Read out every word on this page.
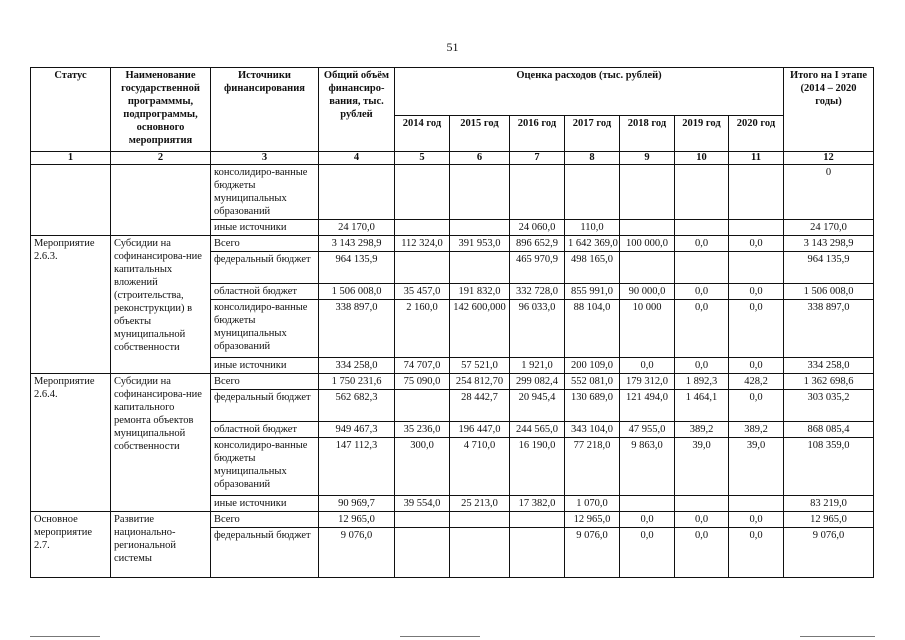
51
Статус	Наименование государственной программмы, подпрограммы, основного мероприятия	Источники финансирования	Общий объём финансиро-вания, тыс. рублей	Оценка расходов (тыс. рублей)							Итого на I этапе (2014 – 2020 годы)
				2014 год	2015 год	2016 год	2017 год	2018 год	2019 год	2020 год	
1	2	3	4	5	6	7	8	9	10	11	12
		консолидиро-ванные бюджеты муниципальных образований									0
		иные источники	24 170,0			24 060,0	110,0				24 170,0
Мероприятие 2.6.3.	Субсидии на софинансирова-ние капитальных вложений (строительства, реконструкции) в объекты муниципальной собственности	Всего	3 143 298,9	112 324,0	391 953,0	896 652,9	1 642 369,0	100 000,0	0,0	0,0	3 143 298,9
		федеральный бюджет	964 135,9			465 970,9	498 165,0				964 135,9
		областной бюджет	1 506 008,0	35 457,0	191 832,0	332 728,0	855 991,0	90 000,0	0,0	0,0	1 506 008,0
		консолидиро-ванные бюджеты муниципальных образований	338 897,0	2 160,0	142 600,000	96 033,0	88 104,0	10 000	0,0	0,0	338 897,0
		иные источники	334 258,0	74 707,0	57 521,0	1 921,0	200 109,0	0,0	0,0	0,0	334 258,0
Мероприятие 2.6.4.	Субсидии на софинансирова-ние капитального ремонта объектов муниципальной собственности	Всего	1 750 231,6	75 090,0	254 812,70	299 082,4	552 081,0	179 312,0	1 892,3	428,2	1 362 698,6
		федеральный бюджет	562 682,3		28 442,7	20 945,4	130 689,0	121 494,0	1 464,1	0,0	303 035,2
		областной бюджет	949 467,3	35 236,0	196 447,0	244 565,0	343 104,0	47 955,0	389,2	389,2	868 085,4
		консолидиро-ванные бюджеты муниципальных образований	147 112,3	300,0	4 710,0	16 190,0	77 218,0	9 863,0	39,0	39,0	108 359,0
		иные источники	90 969,7	39 554,0	25 213,0	17 382,0	1 070,0				83 219,0
Основное мероприятие 2.7.	Развитие национально-региональной системы	Всего	12 965,0				12 965,0	0,0	0,0	0,0	12 965,0
		федеральный бюджет	9 076,0				9 076,0	0,0	0,0	0,0	9 076,0
